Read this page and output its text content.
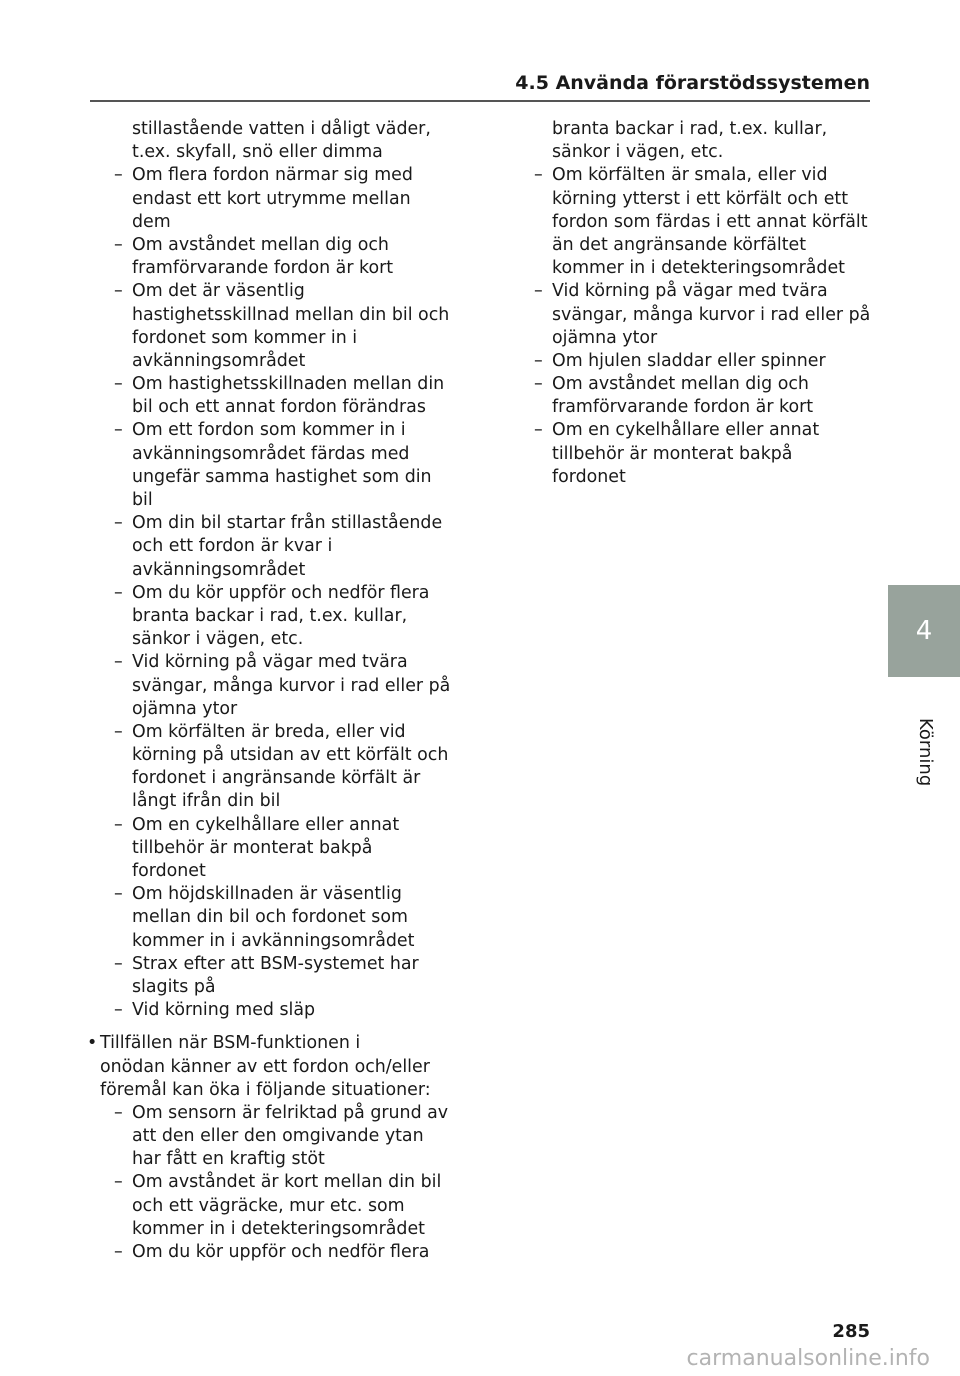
4.5 Använda förarstödssystemen
stillastående vatten i dåligt väder,
t.ex. skyfall, snö eller dimma
– Om flera fordon närmar sig med
endast ett kort utrymme mellan
dem
– Om avståndet mellan dig och
framförvarande fordon är kort
– Om det är väsentlig
hastighetsskillnad mellan din bil och
fordonet som kommer in i
avkänningsområdet
– Om hastighetsskillnaden mellan din
bil och ett annat fordon förändras
– Om ett fordon som kommer in i
avkänningsområdet färdas med
ungefär samma hastighet som din
bil
– Om din bil startar från stillastående
och ett fordon är kvar i
avkänningsområdet
– Om du kör uppför och nedför flera
branta backar i rad, t.ex. kullar,
sänkor i vägen, etc.
– Vid körning på vägar med tvära
svängar, många kurvor i rad eller på
ojämna ytor
– Om körfälten är breda, eller vid
körning på utsidan av ett körfält och
fordonet i angränsande körfält är
långt ifrån din bil
– Om en cykelhållare eller annat
tillbehör är monterat bakpå
fordonet
– Om höjdskillnaden är väsentlig
mellan din bil och fordonet som
kommer in i avkänningsområdet
– Strax efter att BSM-systemet har
slagits på
– Vid körning med släp
• Tillfällen när BSM-funktionen i
onödan känner av ett fordon och/eller
föremål kan öka i följande situationer:
– Om sensorn är felriktad på grund av
att den eller den omgivande ytan
har fått en kraftig stöt
– Om avståndet är kort mellan din bil
och ett vägräcke, mur etc. som
kommer in i detekteringsområdet
– Om du kör uppför och nedför flera
branta backar i rad, t.ex. kullar,
sänkor i vägen, etc.
– Om körfälten är smala, eller vid
körning ytterst i ett körfält och ett
fordon som färdas i ett annat körfält
än det angränsande körfältet
kommer in i detekteringsområdet
– Vid körning på vägar med tvära
svängar, många kurvor i rad eller på
ojämna ytor
– Om hjulen sladdar eller spinner
– Om avståndet mellan dig och
framförvarande fordon är kort
– Om en cykelhållare eller annat
tillbehör är monterat bakpå
fordonet
4
Körning
285
carmanualsonline.info
